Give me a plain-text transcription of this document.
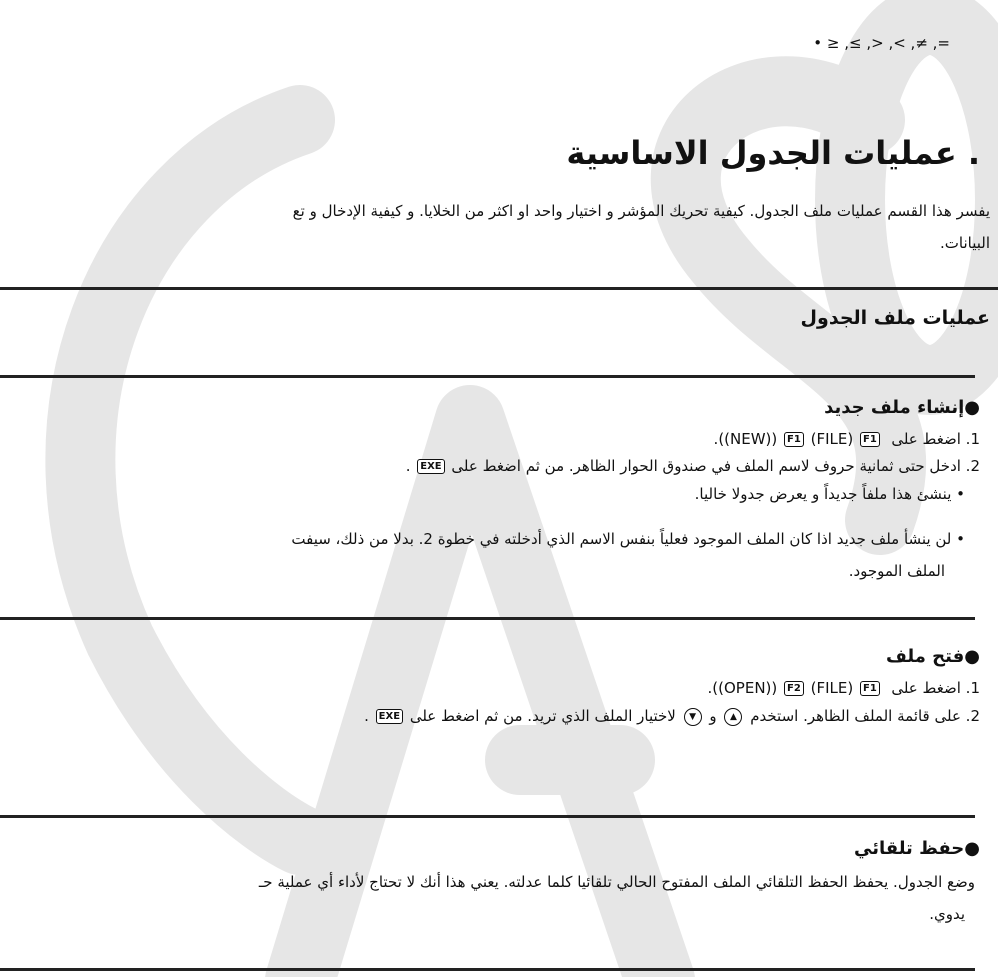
=, ≠, >, <, ≥, ≤ •
. عمليات الجدول الاساسية
يفسر هذا القسم عمليات ملف الجدول. كيفية تحريك المؤشر و اختيار واحد او اكثر من الخلايا. و كيفية الإدخال و تع
البيانات.
عمليات ملف الجدول
●إنشاء ملف جديد
1. اضغط على ((NEW)) F1 (FILE) F1 .
2. ادخل حتى ثمانية حروف لاسم الملف في صندوق الحوار الظاهر. من ثم اضغط على EXE .
• ينشئ هذا ملفاً جديداً و يعرض جدولا خاليا.
• لن ينشأ ملف جديد اذا كان الملف الموجود فعلياً بنفس الاسم الذي أدخلته في خطوة 2. بدلا من ذلك، سيفت
الملف الموجود.
●فتح ملف
1. اضغط على ((OPEN)) F2 (FILE) F1 .
2. على قائمة الملف الظاهر. استخدم ▲ و ▼ لاختيار الملف الذي تريد. من ثم اضغط على EXE .
●حفظ تلقائي
وضع الجدول. يحفظ الحفظ التلقائي الملف المفتوح الحالي تلقائيا كلما عدلته. يعني هذا أنك لا تحتاج لأداء أي عملية حـ
يدوي.
